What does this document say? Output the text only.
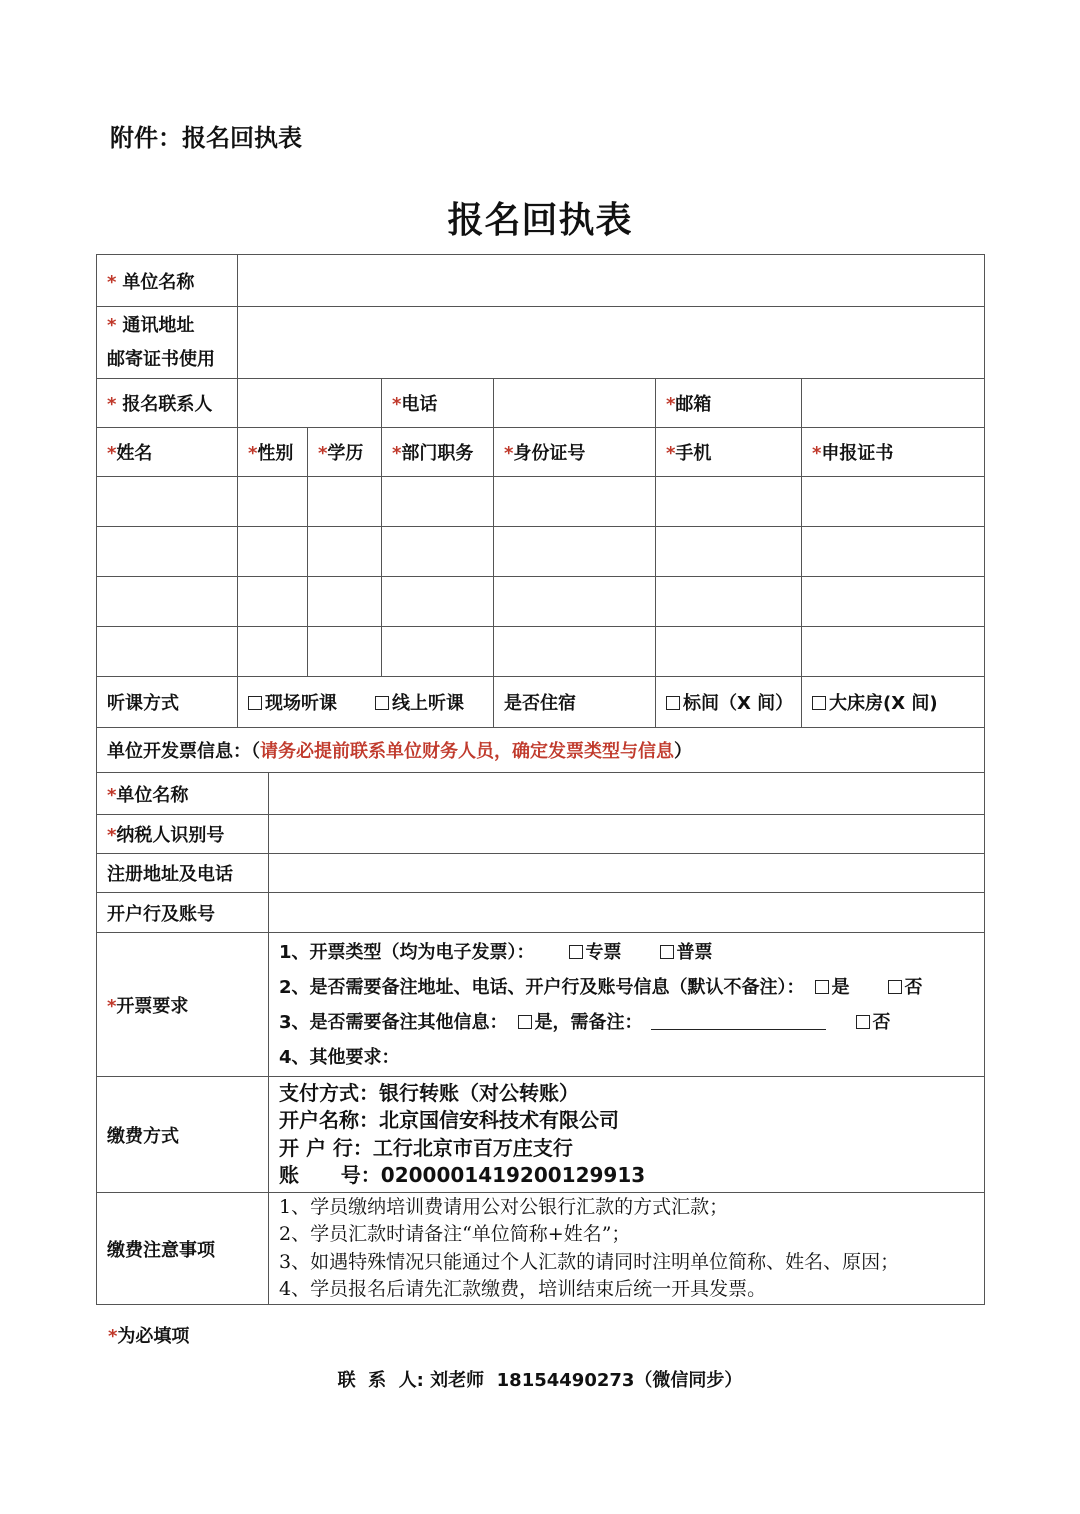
附件：报名回执表
报名回执表
* 单位名称						

* 通讯地址
邮寄证书使用						

* 报名联系人			*电话		*邮箱	
*姓名	*性别	*学历	*部门职务	*身份证号	*手机	*申报证书

听课方式	现场听课 线上听课			是否住宿	标间（X 间）	大床房(X 间)
单位开发票信息：（请务必提前联系单位财务人员，确定发票类型与信息）	
*单位名称	
*纳税人识别号	
注册地址及电话	
开户行及账号	
*开票要求	1、开票类型（均为电子发票）： 专票 普票
2、是否需要备注地址、电话、开户行及账号信息（默认不备注）： 是 否
3、是否需要备注其他信息： 是，需备注： 否
4、其他要求：

缴费方式	支付方式：银行转账（对公转账）
开户名称：北京国信安科技术有限公司
开 户 行：工行北京市百万庄支行
账      号：0200001419200129913

缴费注意事项	1、学员缴纳培训费请用公对公银行汇款的方式汇款；
2、学员汇款时请备注“单位简称+姓名”；
3、如遇特殊情况只能通过个人汇款的请同时注明单位简称、姓名、原因；
4、学员报名后请先汇款缴费，培训结束后统一开具发票。
*为必填项
联  系  人: 刘老师  18154490273（微信同步）
